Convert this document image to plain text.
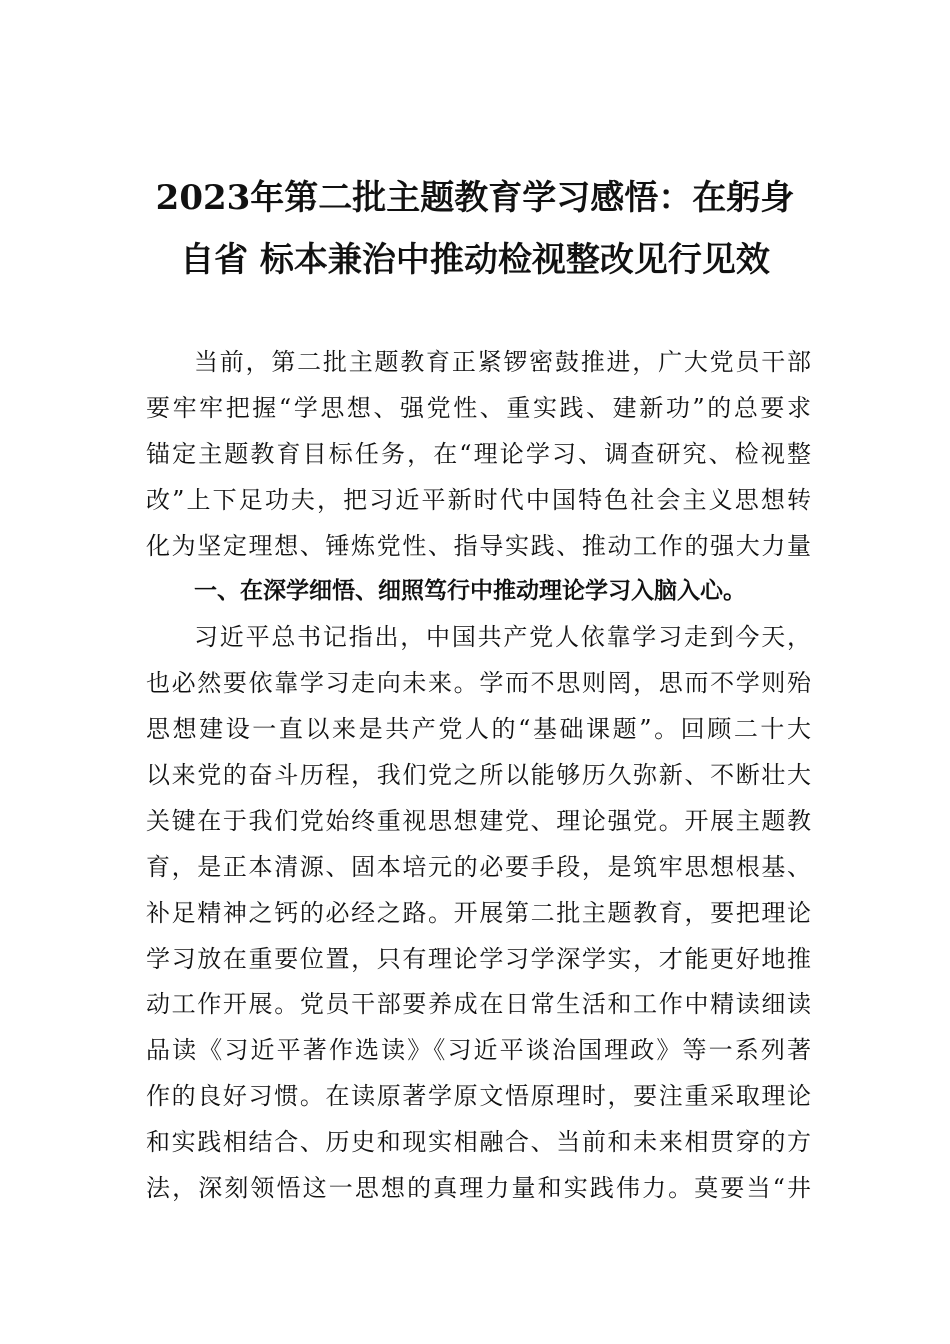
2023年第二批主题教育学习感悟：在躬身
自省 标本兼治中推动检视整改见行见效
当前，第二批主题教育正紧锣密鼓推进，广大党员干部
要牢牢把握“学思想、强党性、重实践、建新功”的总要求
锚定主题教育目标任务，在“理论学习、调查研究、检视整
改”上下足功夫，把习近平新时代中国特色社会主义思想转
化为坚定理想、锤炼党性、指导实践、推动工作的强大力量
一、在深学细悟、细照笃行中推动理论学习入脑入心。
习近平总书记指出，中国共产党人依靠学习走到今天，
也必然要依靠学习走向未来。学而不思则罔，思而不学则殆
思想建设一直以来是共产党人的“基础课题”。回顾二十大
以来党的奋斗历程，我们党之所以能够历久弥新、不断壮大
关键在于我们党始终重视思想建党、理论强党。开展主题教
育，是正本清源、固本培元的必要手段，是筑牢思想根基、
补足精神之钙的必经之路。开展第二批主题教育，要把理论
学习放在重要位置，只有理论学习学深学实，才能更好地推
动工作开展。党员干部要养成在日常生活和工作中精读细读
品读《习近平著作选读》《习近平谈治国理政》等一系列著
作的良好习惯。在读原著学原文悟原理时，要注重采取理论
和实践相结合、历史和现实相融合、当前和未来相贯穿的方
法，深刻领悟这一思想的真理力量和实践伟力。莫要当“井
